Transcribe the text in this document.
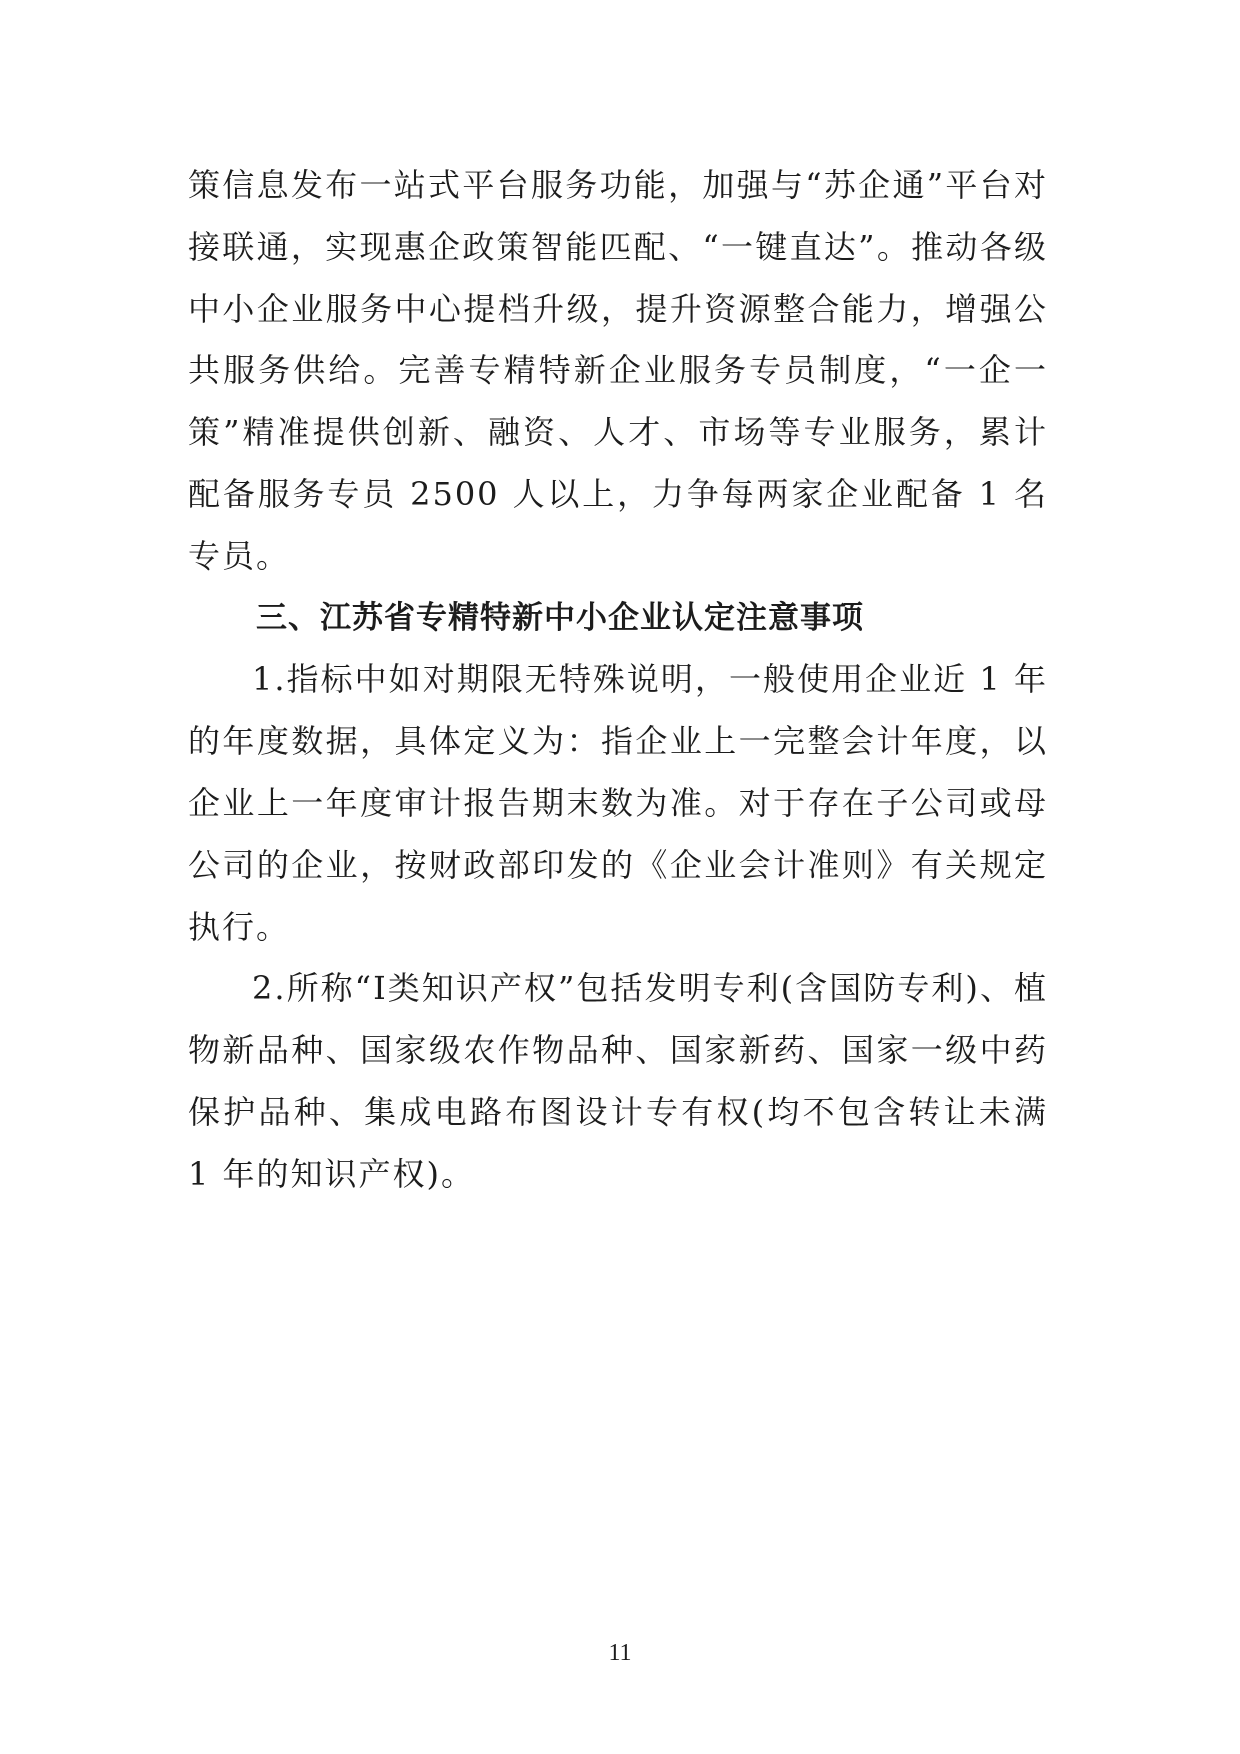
策信息发布一站式平台服务功能，加强与“苏企通”平台对接联通，实现惠企政策智能匹配、“一键直达”。推动各级中小企业服务中心提档升级，提升资源整合能力，增强公共服务供给。完善专精特新企业服务专员制度，“一企一策”精准提供创新、融资、人才、市场等专业服务，累计配备服务专员 2500 人以上，力争每两家企业配备 1 名专员。

三、江苏省专精特新中小企业认定注意事项

1.指标中如对期限无特殊说明，一般使用企业近 1 年的年度数据，具体定义为：指企业上一完整会计年度，以企业上一年度审计报告期末数为准。对于存在子公司或母公司的企业，按财政部印发的《企业会计准则》有关规定执行。

2.所称“Ⅰ类知识产权”包括发明专利(含国防专利)、植物新品种、国家级农作物品种、国家新药、国家一级中药保护品种、集成电路布图设计专有权(均不包含转让未满 1 年的知识产权)。

11
